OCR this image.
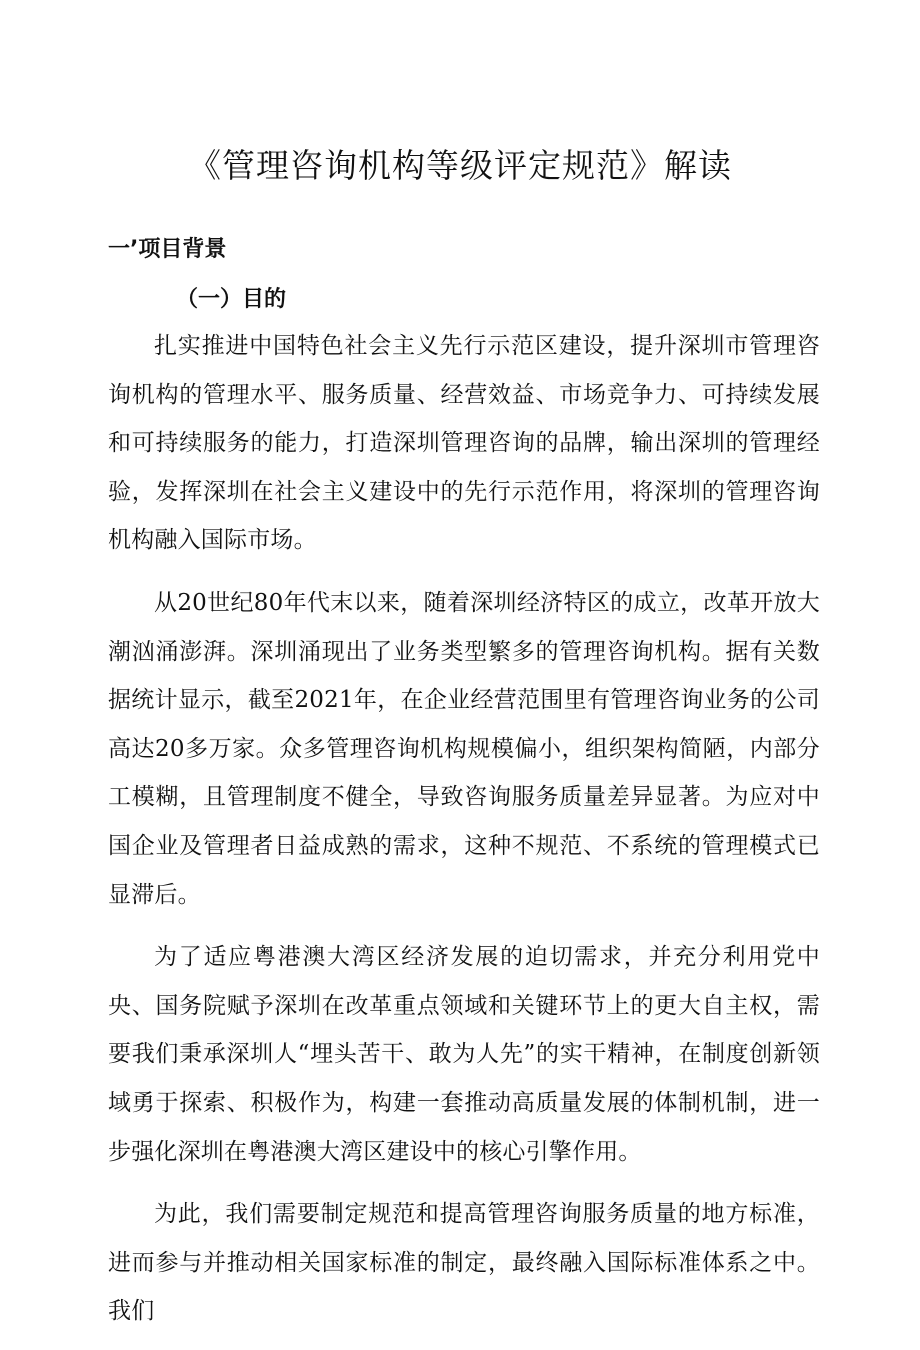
《管理咨询机构等级评定规范》解读
一’项目背景
（一）目的

扎实推进中国特色社会主义先行示范区建设，提升深圳市管理咨询机构的管理水平、服务质量、经营效益、市场竞争力、可持续发展和可持续服务的能力，打造深圳管理咨询的品牌，输出深圳的管理经验，发挥深圳在社会主义建设中的先行示范作用，将深圳的管理咨询机构融入国际市场。

从20世纪80年代末以来，随着深圳经济特区的成立，改革开放大潮汹涌澎湃。深圳涌现出了业务类型繁多的管理咨询机构。据有关数据统计显示，截至2021年，在企业经营范围里有管理咨询业务的公司高达20多万家。众多管理咨询机构规模偏小，组织架构简陋，内部分工模糊，且管理制度不健全，导致咨询服务质量差异显著。为应对中国企业及管理者日益成熟的需求，这种不规范、不系统的管理模式已显滞后。

为了适应粤港澳大湾区经济发展的迫切需求，并充分利用党中央、国务院赋予深圳在改革重点领域和关键环节上的更大自主权，需要我们秉承深圳人“埋头苦干、敢为人先”的实干精神，在制度创新领域勇于探索、积极作为，构建一套推动高质量发展的体制机制，进一步强化深圳在粤港澳大湾区建设中的核心引擎作用。

为此，我们需要制定规范和提高管理咨询服务质量的地方标准，进而参与并推动相关国家标准的制定，最终融入国际标准体系之中。我们
